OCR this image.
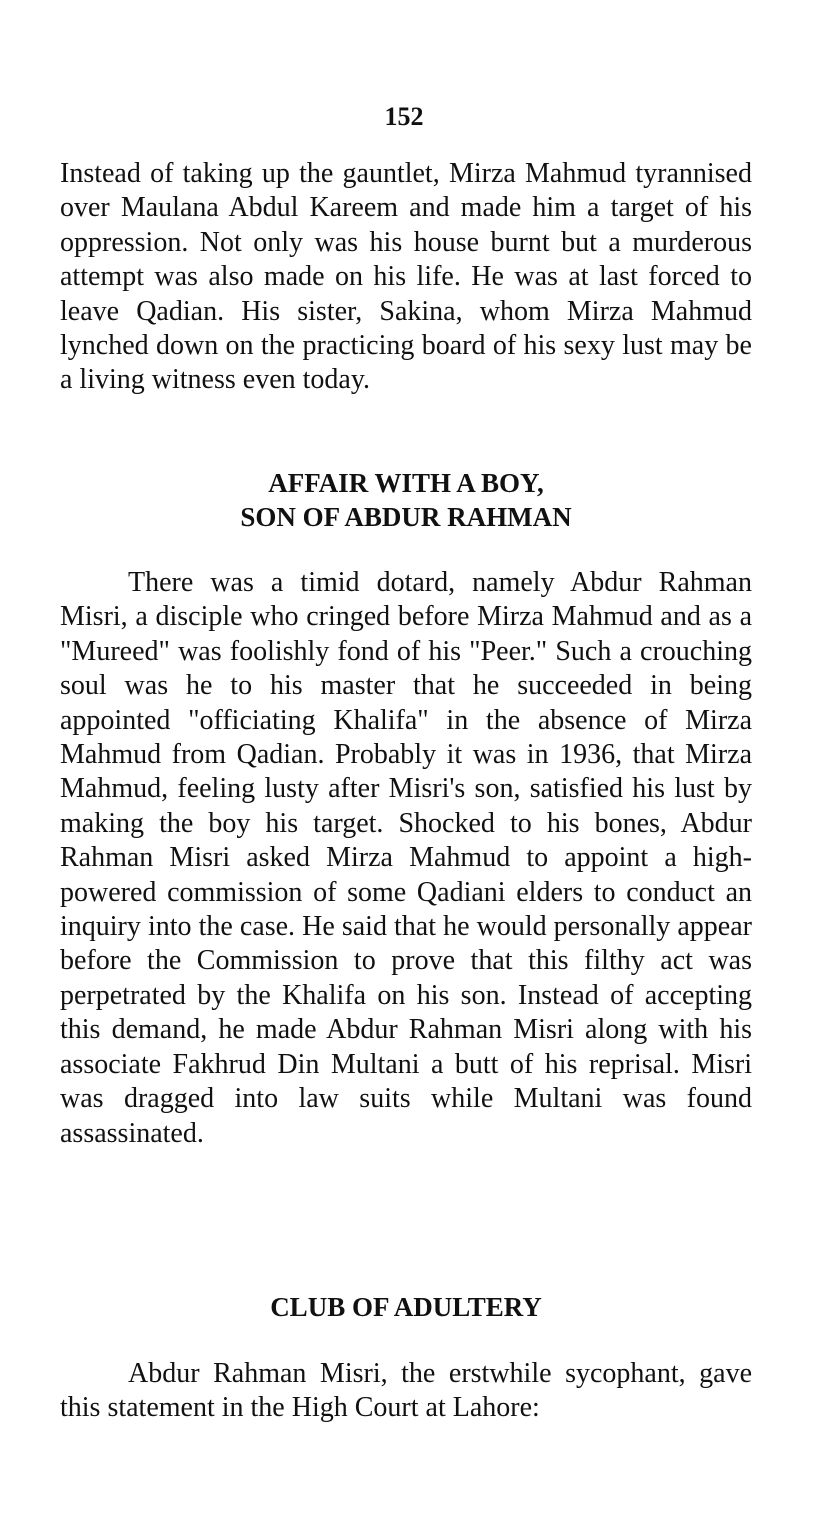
152

Instead of taking up the gauntlet, Mirza Mahmud tyrannised over Maulana Abdul Kareem and made him a target of his oppression. Not only was his house burnt but a murderous attempt was also made on his life. He was at last forced to leave Qadian. His sister, Sakina, whom Mirza Mahmud lynched down on the practicing board of his sexy lust may be a living witness even today.

AFFAIR WITH A BOY,
SON OF ABDUR RAHMAN

There was a timid dotard, namely Abdur Rahman Misri, a disciple who cringed before Mirza Mahmud and as a "Mureed" was foolishly fond of his "Peer." Such a crouching soul was he to his master that he succeeded in being appointed "officiating Khalifa" in the absence of Mirza Mahmud from Qadian. Probably it was in 1936, that Mirza Mahmud, feeling lusty after Misri's son, satisfied his lust by making the boy his target. Shocked to his bones, Abdur Rahman Misri asked Mirza Mahmud to appoint a high-powered commission of some Qadiani elders to conduct an inquiry into the case. He said that he would personally appear before the Commission to prove that this filthy act was perpetrated by the Khalifa on his son. Instead of accepting this demand, he made Abdur Rahman Misri along with his associate Fakhrud Din Multani a butt of his reprisal. Misri was dragged into law suits while Multani was found assassinated.

CLUB OF ADULTERY

Abdur Rahman Misri, the erstwhile sycophant, gave this statement in the High Court at Lahore:
